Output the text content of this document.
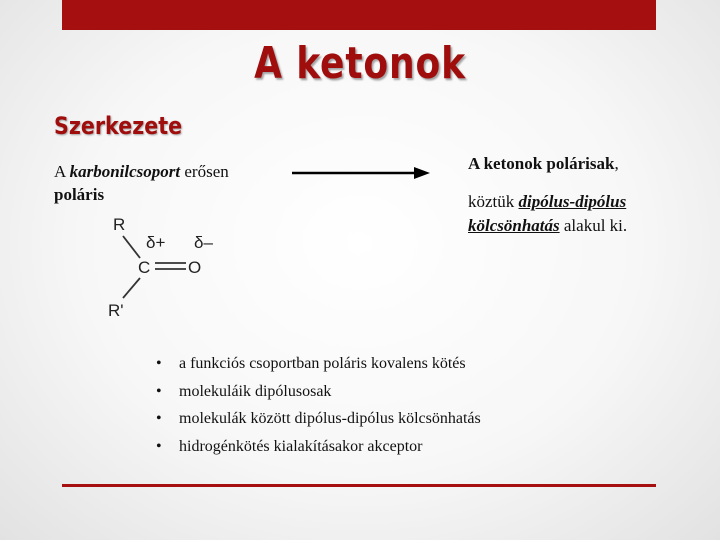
A ketonok
Szerkezete
A karbonilcsoport erősen
poláris
A ketonok polárisak,
köztük dipólus-dipólus kölcsönhatás alakul ki.
R
δ+ δ–
C O
R'
• a funkciós csoportban poláris kovalens kötés
• molekuláik dipólusosak
• molekulák között dipólus-dipólus kölcsönhatás
• hidrogénkötés kialakításakor akceptor
